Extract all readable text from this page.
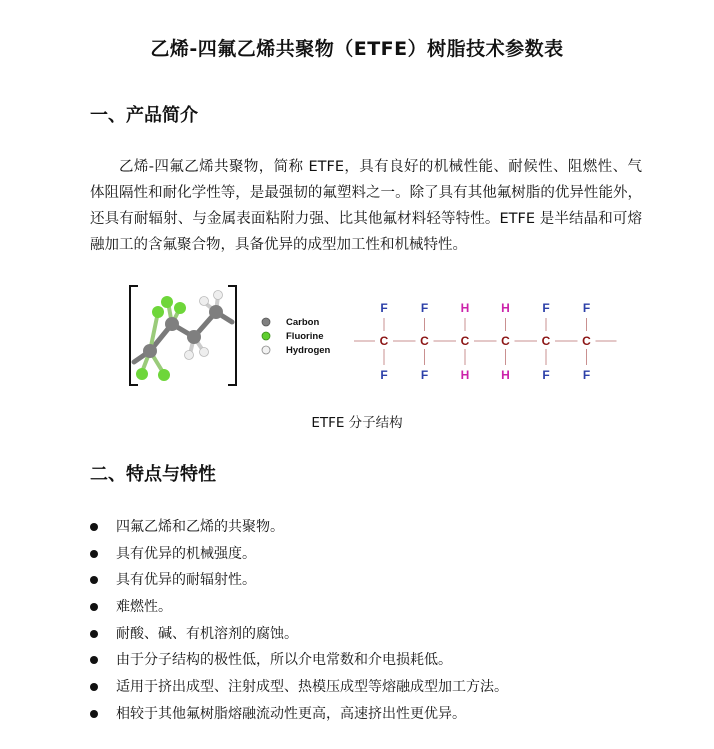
乙烯-四氟乙烯共聚物（ETFE）树脂技术参数表
一、产品简介
乙烯-四氟乙烯共聚物，简称 ETFE，具有良好的机械性能、耐候性、阻燃性、气体阻隔性和耐化学性等，是最强韧的氟塑料之一。除了具有其他氟树脂的优异性能外，还具有耐辐射、与金属表面粘附力强、比其他氟材料轻等特性。ETFE 是半结晶和可熔融加工的含氟聚合物，具备优异的成型加工性和机械特性。
Carbon
Fluorine
Hydrogen
C
F
F
C
F
F
C
H
H
C
H
H
C
F
F
C
F
F
ETFE 分子结构
二、特点与特性
四氟乙烯和乙烯的共聚物。
具有优异的机械强度。
具有优异的耐辐射性。
难燃性。
耐酸、碱、有机溶剂的腐蚀。
由于分子结构的极性低，所以介电常数和介电损耗低。
适用于挤出成型、注射成型、热模压成型等熔融成型加工方法。
相较于其他氟树脂熔融流动性更高，高速挤出性更优异。
